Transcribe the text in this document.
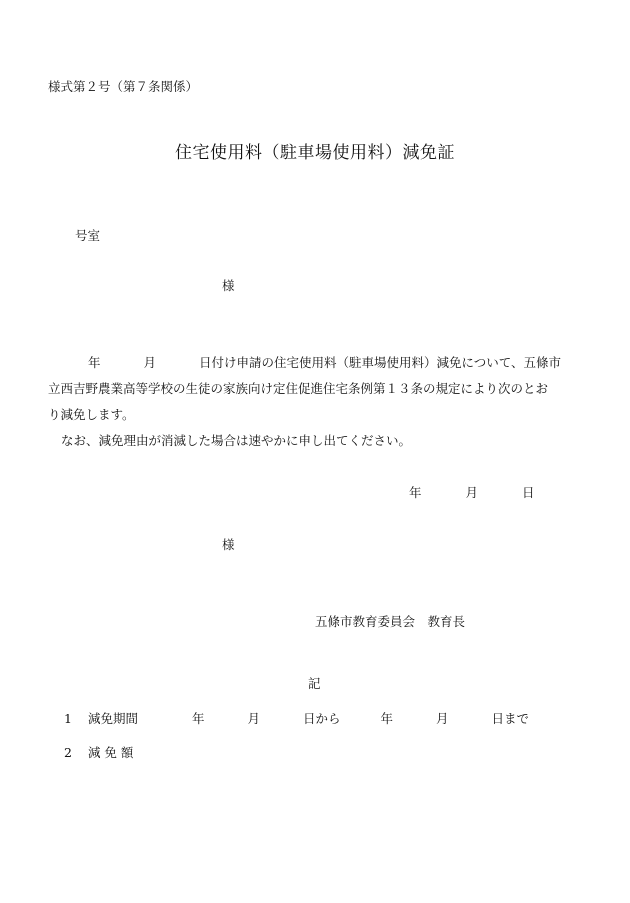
様式第２号（第７条関係）
住宅使用料（駐車場使用料）減免証
号室
様

年	月	日付け申請の住宅使用料（駐車場使用料）減免について、五條市

立西吉野農業高等学校の生徒の家族向け定住促進住宅条例第１３条の規定により次のとお

り減免します。

なお、減免理由が消滅した場合は速やかに申し出てください。

年	月	日
様
五條市教育委員会　教育長
記
1 減免期間	年	月	日から	年	月	日まで
2 減 免 額
